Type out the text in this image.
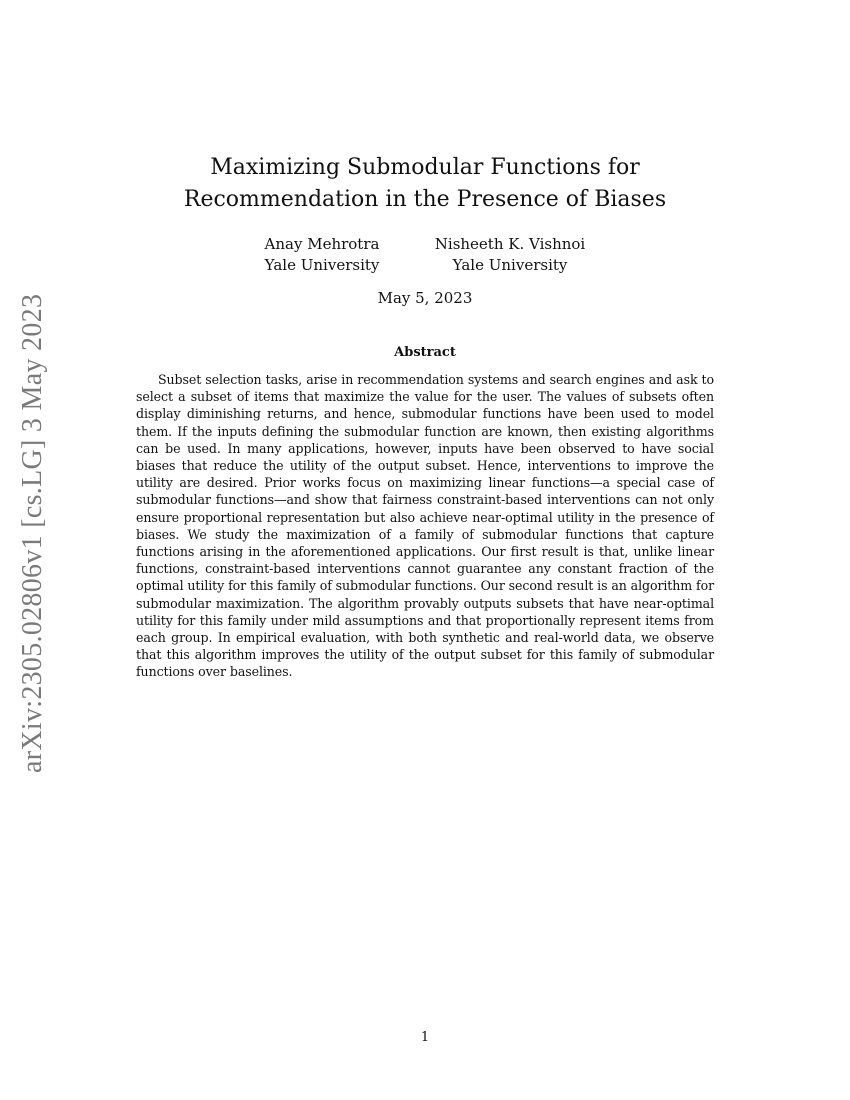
arXiv:2305.02806v1 [cs.LG] 3 May 2023
Maximizing Submodular Functions for
Recommendation in the Presence of Biases
Anay Mehrotra
Yale University
Nisheeth K. Vishnoi
Yale University
May 5, 2023
Abstract

Subset selection tasks, arise in recommendation systems and search engines and ask to select a subset of items that maximize the value for the user. The values of subsets often display diminishing returns, and hence, submodular functions have been used to model them. If the inputs defining the submodular function are known, then existing algorithms can be used. In many applications, however, inputs have been observed to have social biases that reduce the utility of the output subset. Hence, interventions to improve the utility are desired. Prior works focus on maximizing linear functions—a special case of submodular functions—and show that fairness constraint-based interventions can not only ensure proportional representation but also achieve near-optimal utility in the presence of biases. We study the maximization of a family of submodular functions that capture functions arising in the aforementioned applications. Our first result is that, unlike linear functions, constraint-based interventions cannot guarantee any constant fraction of the optimal utility for this family of submodular functions. Our second result is an algorithm for submodular maximization. The algorithm provably outputs subsets that have near-optimal utility for this family under mild assumptions and that proportionally represent items from each group. In empirical evaluation, with both synthetic and real-world data, we observe that this algorithm improves the utility of the output subset for this family of submodular functions over baselines.

1
